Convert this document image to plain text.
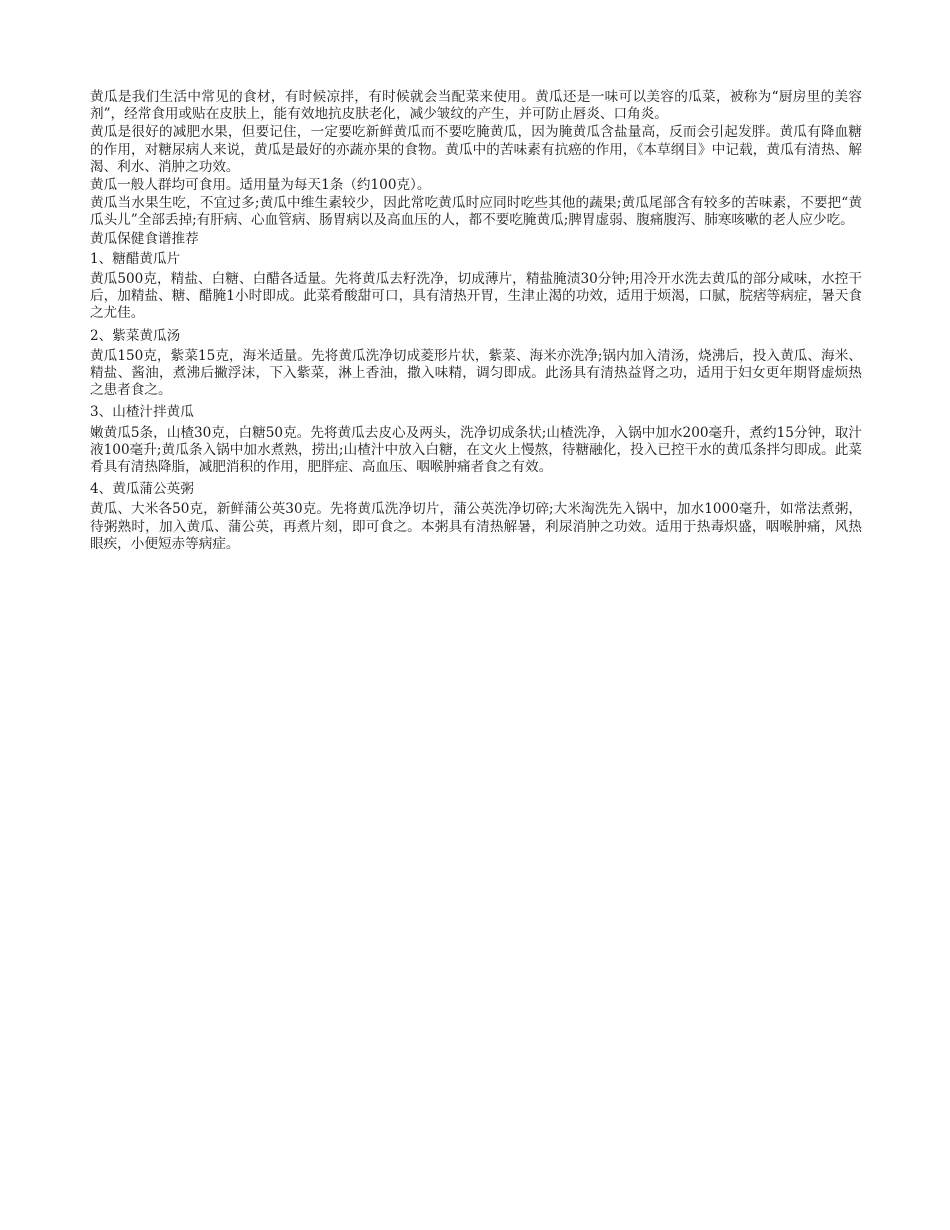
黄瓜是我们生活中常见的食材，有时候凉拌，有时候就会当配菜来使用。黄瓜还是一味可以美容的瓜菜，被称为“厨房里的美容剂”，经常食用或贴在皮肤上，能有效地抗皮肤老化，减少皱纹的产生，并可防止唇炎、口角炎。

黄瓜是很好的减肥水果，但要记住，一定要吃新鲜黄瓜而不要吃腌黄瓜，因为腌黄瓜含盐量高，反而会引起发胖。黄瓜有降血糖的作用，对糖尿病人来说，黄瓜是最好的亦蔬亦果的食物。黄瓜中的苦味素有抗癌的作用，《本草纲目》中记载，黄瓜有清热、解渴、利水、消肿之功效。

黄瓜一般人群均可食用。适用量为每天1条（约100克）。

黄瓜当水果生吃，不宜过多;黄瓜中维生素较少，因此常吃黄瓜时应同时吃些其他的蔬果;黄瓜尾部含有较多的苦味素，不要把“黄瓜头儿”全部丢掉;有肝病、心血管病、肠胃病以及高血压的人，都不要吃腌黄瓜;脾胃虚弱、腹痛腹泻、肺寒咳嗽的老人应少吃。

黄瓜保健食谱推荐

1、糖醋黄瓜片

黄瓜500克，精盐、白糖、白醋各适量。先将黄瓜去籽洗净，切成薄片，精盐腌渍30分钟;用冷开水洗去黄瓜的部分咸味，水控干后，加精盐、糖、醋腌1小时即成。此菜肴酸甜可口，具有清热开胃，生津止渴的功效，适用于烦渴，口腻，脘痞等病症，暑天食之尤佳。

2、紫菜黄瓜汤

黄瓜150克，紫菜15克，海米适量。先将黄瓜洗净切成菱形片状，紫菜、海米亦洗净;锅内加入清汤，烧沸后，投入黄瓜、海米、精盐、酱油，煮沸后撇浮沫，下入紫菜，淋上香油，撒入味精，调匀即成。此汤具有清热益肾之功，适用于妇女更年期肾虚烦热之患者食之。

3、山楂汁拌黄瓜

嫩黄瓜5条，山楂30克，白糖50克。先将黄瓜去皮心及两头，洗净切成条状;山楂洗净，入锅中加水200毫升，煮约15分钟，取汁液100毫升;黄瓜条入锅中加水煮熟，捞出;山楂汁中放入白糖，在文火上慢熬，待糖融化，投入已控干水的黄瓜条拌匀即成。此菜肴具有清热降脂，减肥消积的作用，肥胖症、高血压、咽喉肿痛者食之有效。

4、黄瓜蒲公英粥

黄瓜、大米各50克，新鲜蒲公英30克。先将黄瓜洗净切片，蒲公英洗净切碎;大米淘洗先入锅中，加水1000毫升，如常法煮粥，待粥熟时，加入黄瓜、蒲公英，再煮片刻，即可食之。本粥具有清热解暑，利尿消肿之功效。适用于热毒炽盛，咽喉肿痛，风热眼疾，小便短赤等病症。
